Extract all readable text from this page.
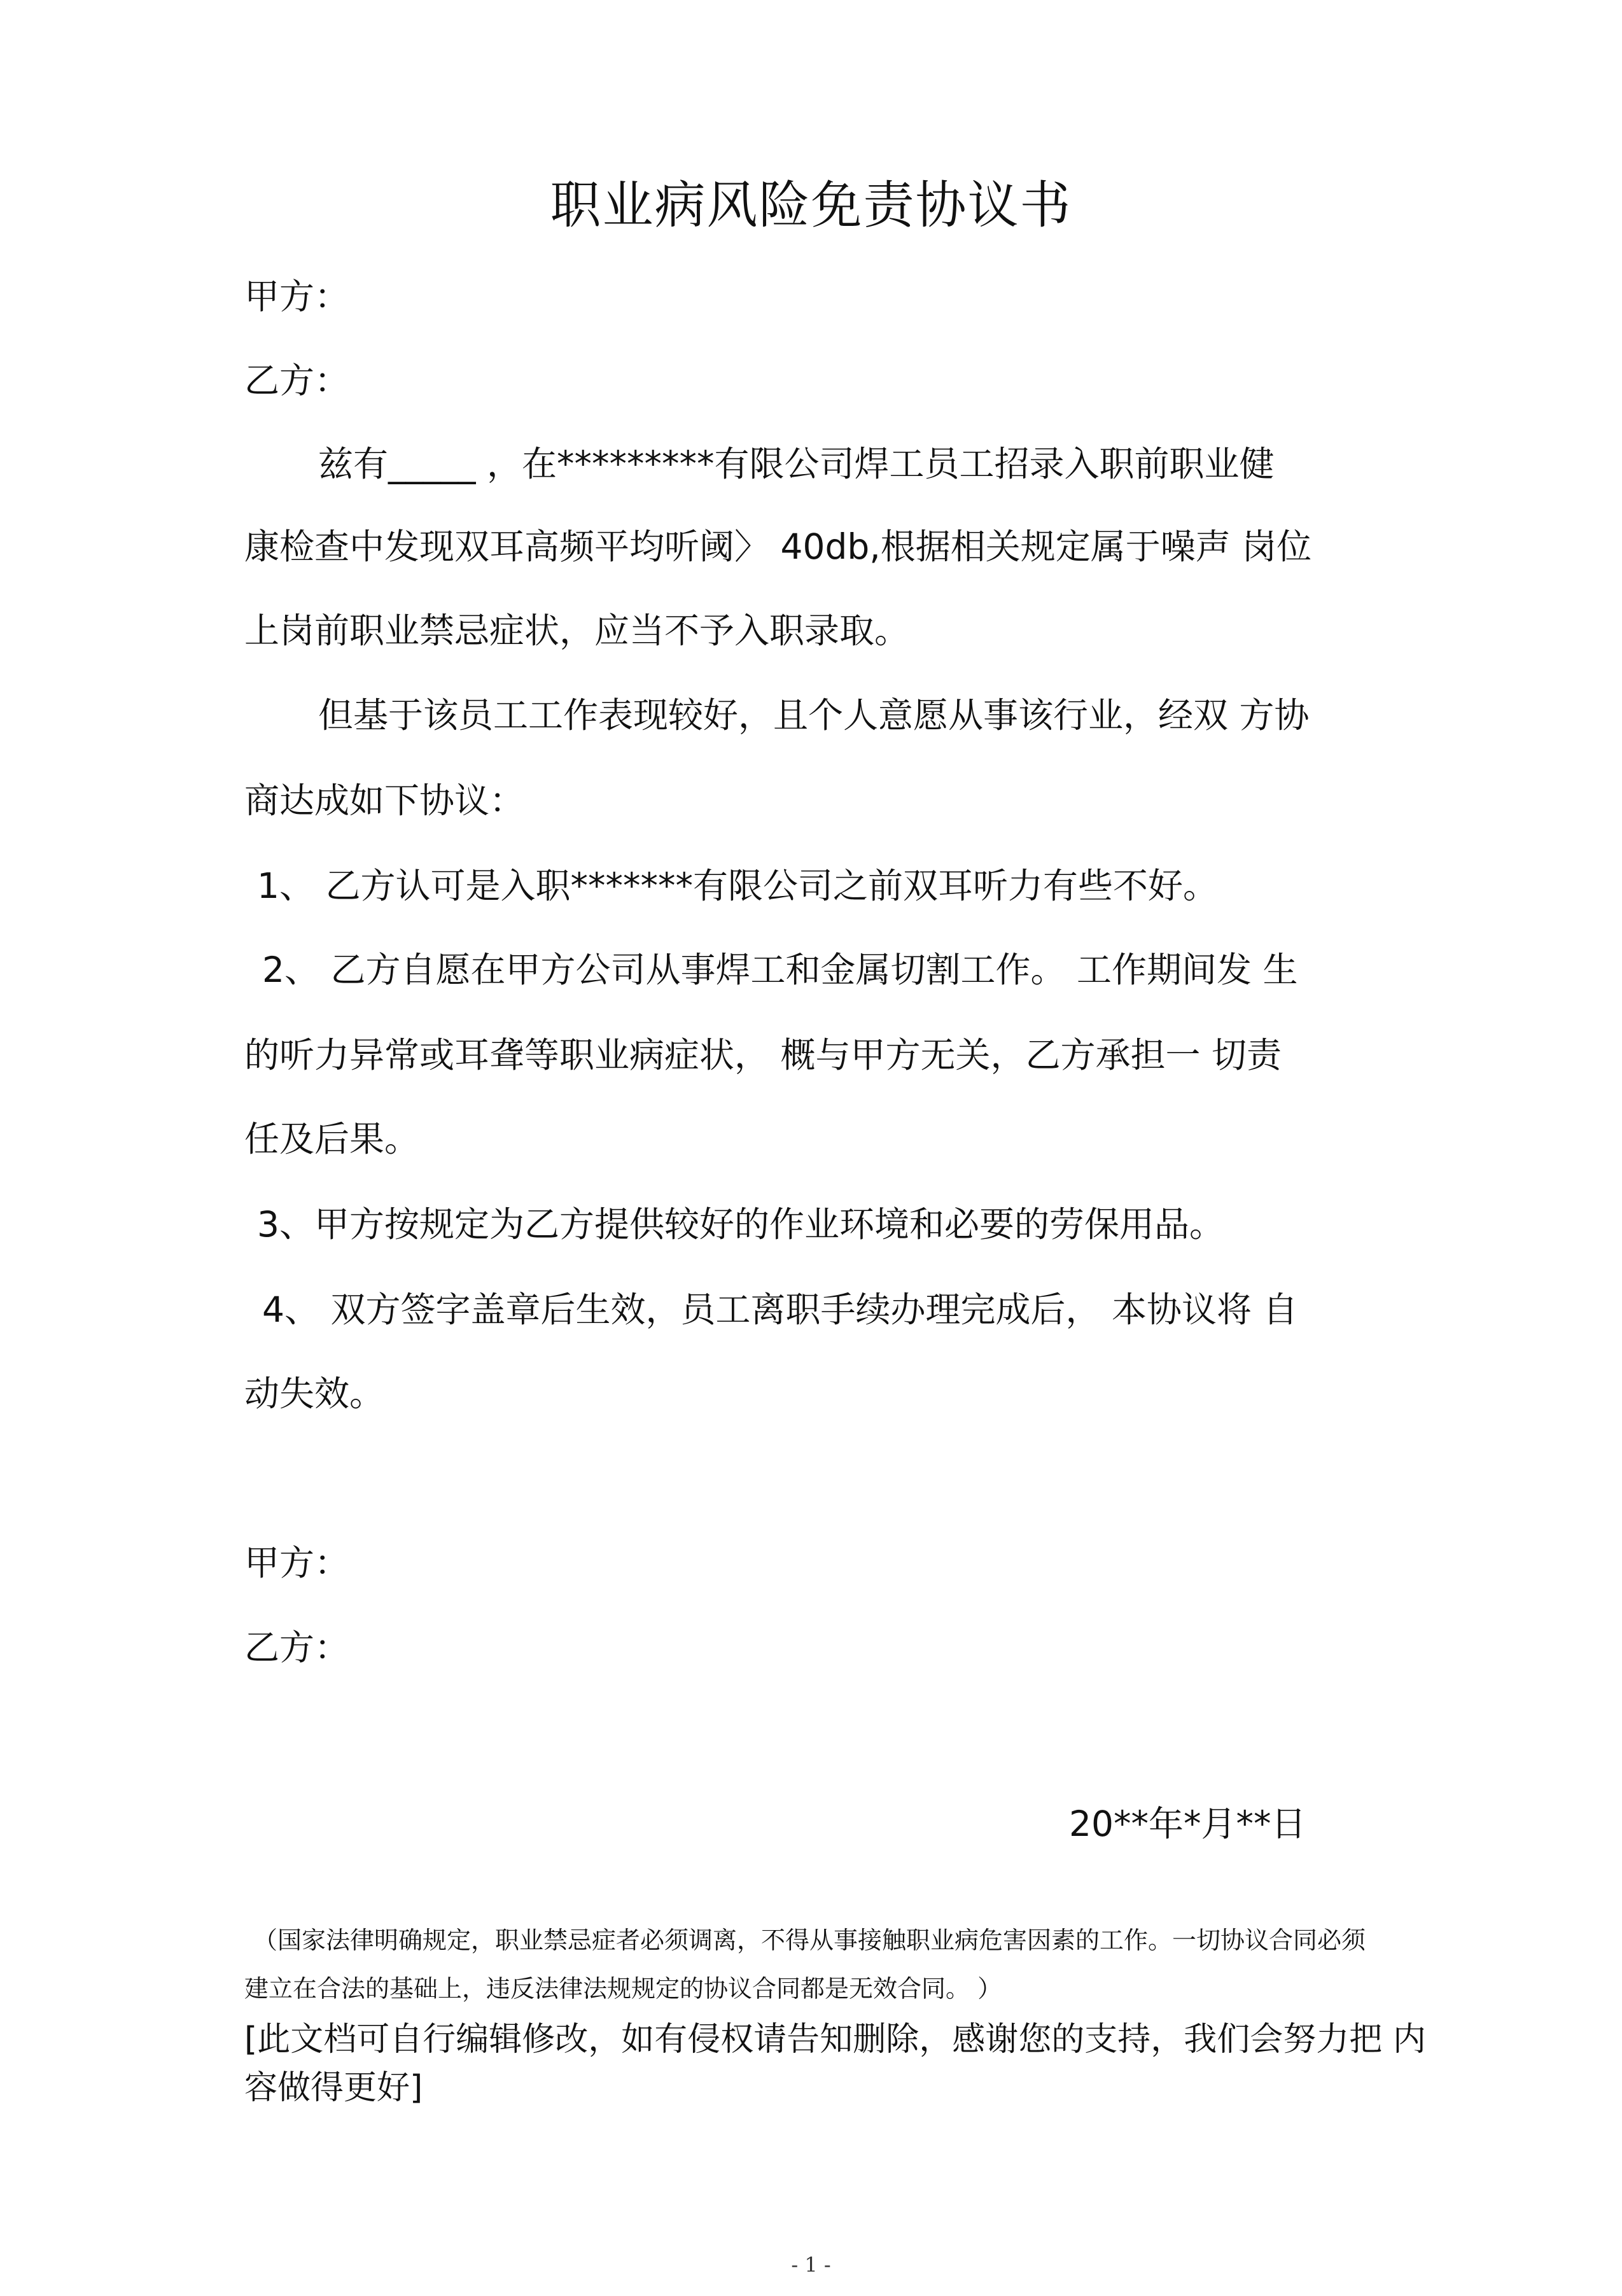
职业病风险免责协议书
甲方：
乙方：
兹有_____ ，在*********有限公司焊工员工招录入职前职业健
康检查中发现双耳高频平均听阈〉 40db,根据相关规定属于噪声 岗位
上岗前职业禁忌症状，应当不予入职录取。
但基于该员工工作表现较好，且个人意愿从事该行业，经双 方协
商达成如下协议：
1、 乙方认可是入职*******有限公司之前双耳听力有些不好。
2、 乙方自愿在甲方公司从事焊工和金属切割工作。 工作期间发 生
的听力异常或耳聋等职业病症状， 概与甲方无关，乙方承担一 切责
任及后果。
3、甲方按规定为乙方提供较好的作业环境和必要的劳保用品。
4、 双方签字盖章后生效，员工离职手续办理完成后， 本协议将 自
动失效。
甲方：
乙方：
20**年*月**日
（国家法律明确规定，职业禁忌症者必须调离，不得从事接触职业病危害因素的工作。一切协议合同必须
建立在合法的基础上，违反法律法规规定的协议合同都是无效合同。 ）
[此文档可自行编辑修改，如有侵权请告知删除，感谢您的支持，我们会努力把 内
容做得更好]
- 1 -
